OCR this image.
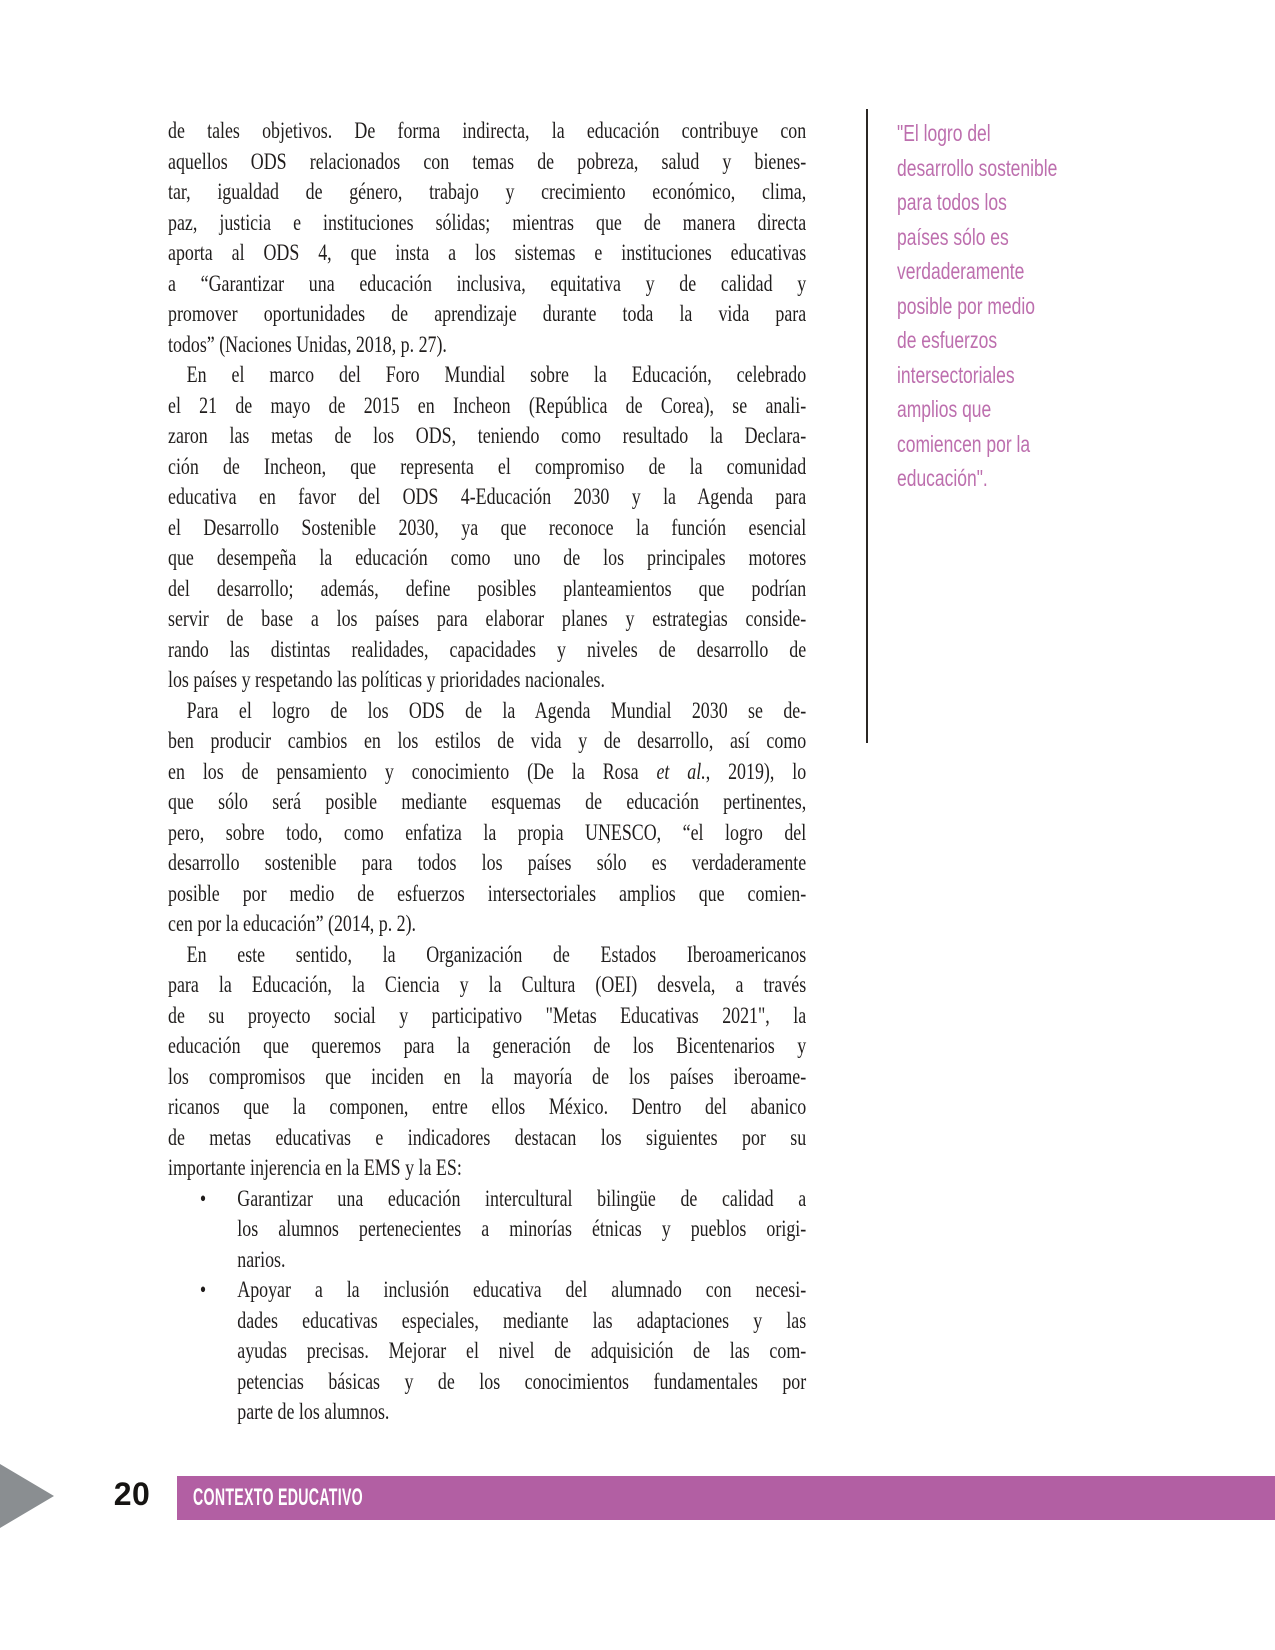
de tales objetivos. De forma indirecta, la educación contribuye con
aquellos ODS relacionados con temas de pobreza, salud y bienes-
tar, igualdad de género, trabajo y crecimiento económico, clima,
paz, justicia e instituciones sólidas; mientras que de manera directa
aporta al ODS 4, que insta a los sistemas e instituciones educativas
a “Garantizar una educación inclusiva, equitativa y de calidad y
promover oportunidades de aprendizaje durante toda la vida para
todos” (Naciones Unidas, 2018, p. 27).
En el marco del Foro Mundial sobre la Educación, celebrado
el 21 de mayo de 2015 en Incheon (República de Corea), se anali-
zaron las metas de los ODS, teniendo como resultado la Declara-
ción de Incheon, que representa el compromiso de la comunidad
educativa en favor del ODS 4-Educación 2030 y la Agenda para
el Desarrollo Sostenible 2030, ya que reconoce la función esencial
que desempeña la educación como uno de los principales motores
del desarrollo; además, define posibles planteamientos que podrían
servir de base a los países para elaborar planes y estrategias conside-
rando las distintas realidades, capacidades y niveles de desarrollo de
los países y respetando las políticas y prioridades nacionales.
Para el logro de los ODS de la Agenda Mundial 2030 se de-
ben producir cambios en los estilos de vida y de desarrollo, así como
en los de pensamiento y conocimiento (De la Rosa et al., 2019), lo
que sólo será posible mediante esquemas de educación pertinentes,
pero, sobre todo, como enfatiza la propia UNESCO, “el logro del
desarrollo sostenible para todos los países sólo es verdaderamente
posible por medio de esfuerzos intersectoriales amplios que comien-
cen por la educación” (2014, p. 2).
En este sentido, la Organización de Estados Iberoamericanos
para la Educación, la Ciencia y la Cultura (OEI) desvela, a través
de su proyecto social y participativo "Metas Educativas 2021", la
educación que queremos para la generación de los Bicentenarios y
los compromisos que inciden en la mayoría de los países iberoame-
ricanos que la componen, entre ellos México. Dentro del abanico
de metas educativas e indicadores destacan los siguientes por su
importante injerencia en la EMS y la ES:
• Garantizar una educación intercultural bilingüe de calidad a
los alumnos pertenecientes a minorías étnicas y pueblos origi-
narios.
• Apoyar a la inclusión educativa del alumnado con necesi-
dades educativas especiales, mediante las adaptaciones y las
ayudas precisas. Mejorar el nivel de adquisición de las com-
petencias básicas y de los conocimientos fundamentales por
parte de los alumnos.
"El logro del
desarrollo sostenible
para todos los
países sólo es
verdaderamente
posible por medio
de esfuerzos
intersectoriales
amplios que
comiencen por la
educación".
20	CONTEXTO EDUCATIVO
